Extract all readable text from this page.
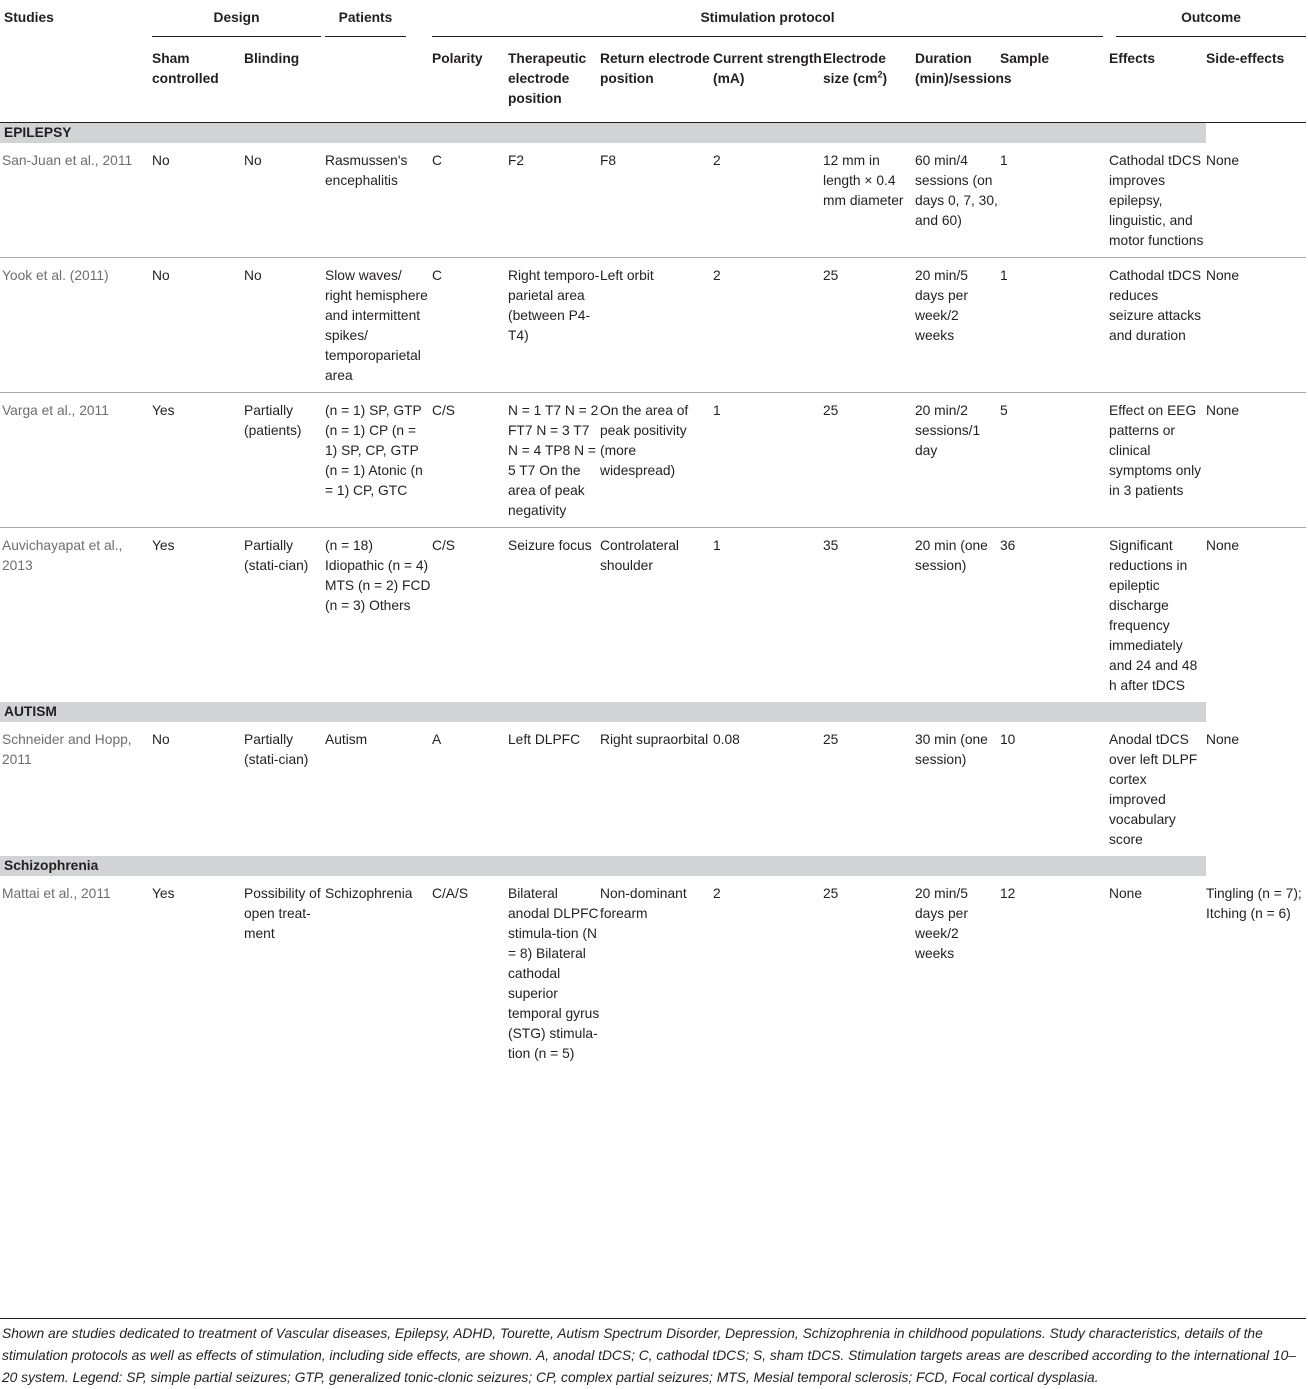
Studies	Design		Patients	Stimulation protocol							Outcome	

	Sham controlled	Blinding		Polarity	Therapeutic electrode position	Return electrode position	Current strength (mA)	Electrode size $(cm^2)$	Duration (min)/sessions	Sample	Effects	Side-effects
EPILEPSY												
San-Juan et al., 2011	No	No	Rasmussen's encephalitis	C	F2	F8	2	12 mm in length × 0.4 mm diameter	60 min/4 sessions (on days 0, 7, 30, and 60)	1	Cathodal tDCS improves epilepsy, linguistic, and motor functions	None
Yook et al. (2011)	No	No	Slow waves/ right hemisphere and intermittent spikes/ temporoparietal area	C	Right temporo-parietal area (between P4-T4)	Left orbit	2	25	20 min/5 days per week/2 weeks	1	Cathodal tDCS reduces seizure attacks and duration	None
Varga et al., 2011	Yes	Partially (patients)	(n = 1) SP, GTP (n = 1) CP (n = 1) SP, CP, GTP (n = 1) Atonic (n = 1) CP, GTC	C/S	N = 1 T7 N = 2 FT7 N = 3 T7 N = 4 TP8 N = 5 T7 On the area of peak negativity	On the area of peak positivity (more widespread)	1	25	20 min/2 sessions/1 day	5	Effect on EEG patterns or clinical symptoms only in 3 patients	None
Auvichayapat et al., 2013	Yes	Partially (stati-cian)	(n = 18) Idiopathic (n = 4) MTS (n = 2) FCD (n = 3) Others	C/S	Seizure focus	Controlateral shoulder	1	35	20 min (one session)	36	Significant reductions in epileptic discharge frequency immediately and 24 and 48 h after tDCS	None
AUTISM												
Schneider and Hopp, 2011	No	Partially (stati-cian)	Autism	A	Left DLPFC	Right supraorbital	0.08	25	30 min (one session)	10	Anodal tDCS over left DLPF cortex improved vocabulary score	None
Schizophrenia												
Mattai et al., 2011	Yes	Possibility of open treat-ment	Schizophrenia	C/A/S	Bilateral anodal DLPFC stimula-tion (N = 8) Bilateral cathodal superior temporal gyrus (STG) stimula-tion (n = 5)	Non-dominant forearm	2	25	20 min/5 days per week/2 weeks	12	None	Tingling (n = 7); Itching (n = 6)
Shown are studies dedicated to treatment of Vascular diseases, Epilepsy, ADHD, Tourette, Autism Spectrum Disorder, Depression, Schizophrenia in childhood populations. Study characteristics, details of the stimulation protocols as well as effects of stimulation, including side effects, are shown. A, anodal tDCS; C, cathodal tDCS; S, sham tDCS. Stimulation targets areas are described according to the international 10–20 system. Legend: SP, simple partial seizures; GTP, generalized tonic-clonic seizures; CP, complex partial seizures; MTS, Mesial temporal sclerosis; FCD, Focal cortical dysplasia.
